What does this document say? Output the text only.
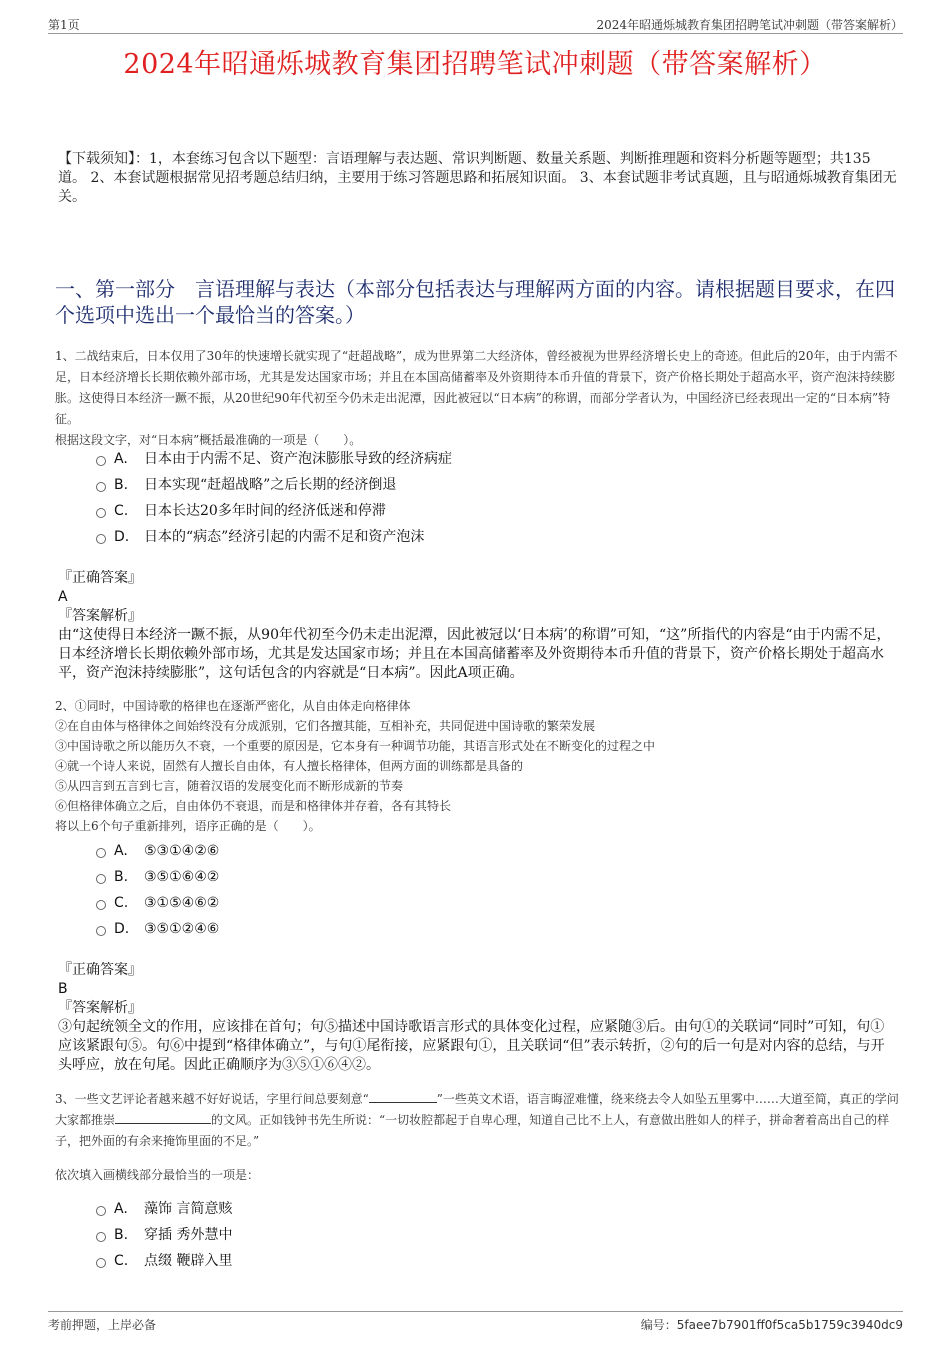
第1页	2024年昭通烁城教育集团招聘笔试冲刺题（带答案解析）
2024年昭通烁城教育集团招聘笔试冲刺题（带答案解析）
【下载须知】：1，本套练习包含以下题型：言语理解与表达题、常识判断题、数量关系题、判断推理题和资料分析题等题型；共135道。 2、本套试题根据常见招考题总结归纳，主要用于练习答题思路和拓展知识面。 3、本套试题非考试真题，且与昭通烁城教育集团无关。
一、第一部分　言语理解与表达（本部分包括表达与理解两方面的内容。请根据题目要求，在四个选项中选出一个最恰当的答案。）
1、二战结束后，日本仅用了30年的快速增长就实现了“赶超战略”，成为世界第二大经济体，曾经被视为世界经济增长史上的奇迹。但此后的20年，由于内需不足，日本经济增长长期依赖外部市场，尤其是发达国家市场；并且在本国高储蓄率及外资期待本币升值的背景下，资产价格长期处于超高水平，资产泡沫持续膨胀。这使得日本经济一蹶不振，从20世纪90年代初至今仍未走出泥潭，因此被冠以“日本病”的称谓，而部分学者认为，中国经济已经表现出一定的“日本病”特征。
根据这段文字，对“日本病”概括最准确的一项是（　　）。
A. 日本由于内需不足、资产泡沫膨胀导致的经济病症
B. 日本实现“赶超战略”之后长期的经济倒退
C. 日本长达20多年时间的经济低迷和停滞
D. 日本的“病态”经济引起的内需不足和资产泡沫
『正确答案』
A
『答案解析』
由“这使得日本经济一蹶不振，从90年代初至今仍未走出泥潭，因此被冠以‘日本病’的称谓”可知，“这”所指代的内容是“由于内需不足，日本经济增长长期依赖外部市场，尤其是发达国家市场；并且在本国高储蓄率及外资期待本币升值的背景下，资产价格长期处于超高水平，资产泡沫持续膨胀”，这句话包含的内容就是“日本病”。因此A项正确。
2、①同时，中国诗歌的格律也在逐渐严密化，从自由体走向格律体
②在自由体与格律体之间始终没有分成派别，它们各擅其能，互相补充，共同促进中国诗歌的繁荣发展
③中国诗歌之所以能历久不衰，一个重要的原因是，它本身有一种调节功能，其语言形式处在不断变化的过程之中
④就一个诗人来说，固然有人擅长自由体，有人擅长格律体，但两方面的训练都是具备的
⑤从四言到五言到七言，随着汉语的发展变化而不断形成新的节奏
⑥但格律体确立之后，自由体仍不衰退，而是和格律体并存着，各有其特长
将以上6个句子重新排列，语序正确的是（　　）。
A. ⑤③①④②⑥
B. ③⑤①⑥④②
C. ③①⑤④⑥②
D. ③⑤①②④⑥
『正确答案』
B
『答案解析』
③句起统领全文的作用，应该排在首句；句⑤描述中国诗歌语言形式的具体变化过程，应紧随③后。由句①的关联词“同时”可知，句①应该紧跟句⑤。句⑥中提到“格律体确立”，与句①尾衔接，应紧跟句①，且关联词“但”表示转折，②句的后一句是对内容的总结，与开头呼应，放在句尾。因此正确顺序为③⑤①⑥④②。
3、一些文艺评论者越来越不好好说话，字里行间总要刻意“	”一些英文术语，语言晦涩难懂，绕来绕去令人如坠五里雾中……大道至简，真正的学问大家都推崇	的文风。正如钱钟书先生所说：“一切妆腔都起于自卑心理，知道自己比不上人，有意做出胜如人的样子，拼命奢着高出自己的样子，把外面的有余来掩饰里面的不足。”
依次填入画横线部分最恰当的一项是：
A. 藻饰 言简意赅
B. 穿插 秀外慧中
C. 点缀 鞭辟入里
考前押题，上岸必备	编号：5faee7b7901ff0f5ca5b1759c3940dc9
